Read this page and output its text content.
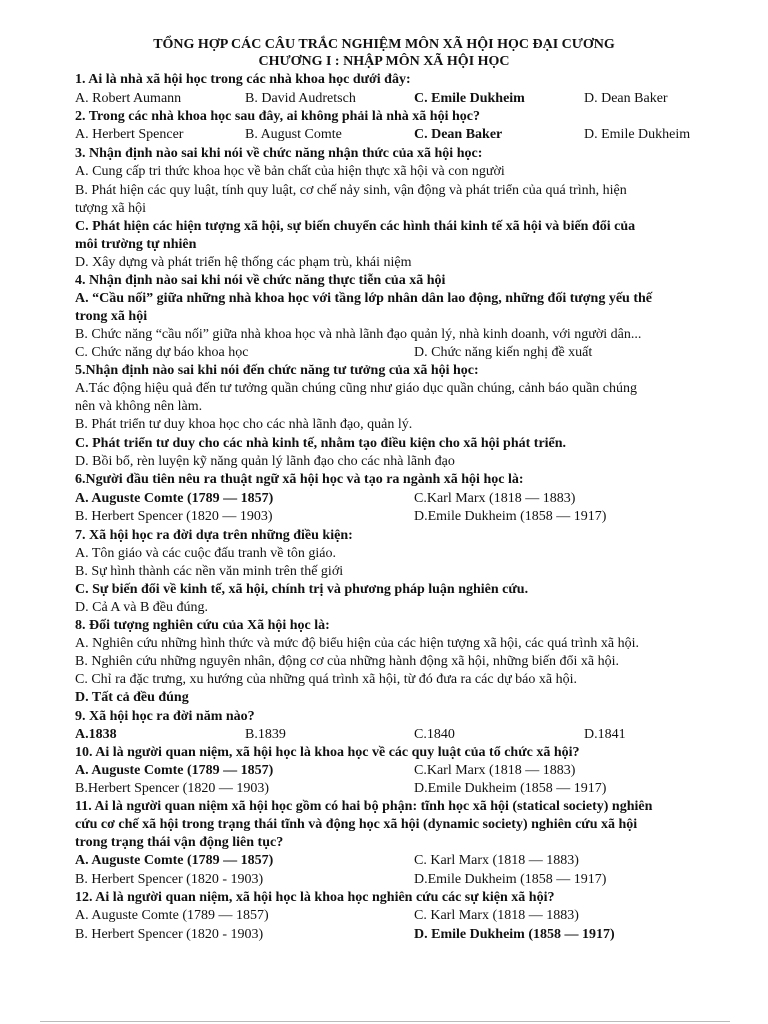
TỔNG HỢP CÁC CÂU TRẮC NGHIỆM MÔN XÃ HỘI HỌC ĐẠI CƯƠNG
CHƯƠNG I : NHẬP MÔN XÃ HỘI HỌC
1. Ai là nhà xã hội học trong các nhà khoa học dưới đây:
A. Robert Aumann	B. David Audretsch	C. Emile Dukheim	D. Dean Baker
2. Trong các nhà khoa học sau đây, ai không phải là nhà xã hội học?
A. Herbert Spencer	B. August Comte	C. Dean Baker	D. Emile Dukheim
3. Nhận định nào sai khi nói về chức năng nhận thức của xã hội học:
A. Cung cấp tri thức khoa học về bản chất của hiện thực xã hội và con người
B. Phát hiện các quy luật, tính quy luật, cơ chế nảy sinh, vận động và phát triển của quá trình, hiện
tượng xã hội
C. Phát hiện các hiện tượng xã hội, sự biến chuyển các hình thái kinh tế xã hội và biến đổi của
môi trường tự nhiên
D. Xây dựng và phát triển hệ thống các phạm trù, khái niệm
4. Nhận định nào sai khi nói về chức năng thực tiễn của xã hội
A. “Cầu nối” giữa những nhà khoa học với tầng lớp nhân dân lao động, những đối tượng yếu thế
trong xã hội
B. Chức năng “cầu nối” giữa nhà khoa học và nhà lãnh đạo quản lý, nhà kinh doanh, với người dân...
C. Chức năng dự báo khoa học	D. Chức năng kiến nghị đề xuất
5.Nhận định nào sai khi nói đến chức năng tư tưởng của xã hội học:
A.Tác động hiệu quả đến tư tưởng quần chúng cũng như giáo dục quần chúng, cảnh báo quần chúng
nên và không nên làm.
B. Phát triển tư duy khoa học cho các nhà lãnh đạo, quản lý.
C. Phát triển tư duy cho các nhà kinh tế, nhằm tạo điều kiện cho xã hội phát triển.
D. Bồi bổ, rèn luyện kỹ năng quản lý lãnh đạo cho các nhà lãnh đạo
6.Người đầu tiên nêu ra thuật ngữ xã hội học và tạo ra ngành xã hội học là:
A. Auguste Comte (1789 — 1857)	C.Karl Marx (1818 — 1883)
B. Herbert Spencer (1820 — 1903)	D.Emile Dukheim (1858 — 1917)
7. Xã hội học ra đời dựa trên những điều kiện:
A. Tôn giáo và các cuộc đấu tranh về tôn giáo.
B. Sự hình thành các nền văn minh trên thế giới
C. Sự biến đổi về kinh tế, xã hội, chính trị và phương pháp luận nghiên cứu.
D. Cả A và B đều đúng.
8. Đối tượng nghiên cứu của Xã hội học là:
A. Nghiên cứu những hình thức và mức độ biểu hiện của các hiện tượng xã hội, các quá trình xã hội.
B. Nghiên cứu những nguyên nhân, động cơ của những hành động xã hội, những biến đổi xã hội.
C. Chỉ ra đặc trưng, xu hướng của những quá trình xã hội, từ đó đưa ra các dự báo xã hội.
D. Tất cả đều đúng
9. Xã hội học ra đời năm nào?
A.1838	B.1839	C.1840	D.1841
10. Ai là người quan niệm, xã hội học là khoa học về các quy luật của tổ chức xã hội?
A. Auguste Comte (1789 — 1857)	C.Karl Marx (1818 — 1883)
B.Herbert Spencer (1820 — 1903)	D.Emile Dukheim (1858 — 1917)
11. Ai là người quan niệm xã hội học gồm có hai bộ phận: tĩnh học xã hội (statical society) nghiên
cứu cơ chế xã hội trong trạng thái tĩnh và động học xã hội (dynamic society) nghiên cứu xã hội
trong trạng thái vận động liên tục?
A. Auguste Comte (1789 — 1857)	C. Karl Marx (1818 — 1883)
B. Herbert Spencer (1820 - 1903)	D.Emile Dukheim (1858 — 1917)
12. Ai là người quan niệm, xã hội học là khoa học nghiên cứu các sự kiện xã hội?
A. Auguste Comte (1789 — 1857)	C. Karl Marx (1818 — 1883)
B. Herbert Spencer (1820 - 1903)	D. Emile Dukheim (1858 — 1917)
